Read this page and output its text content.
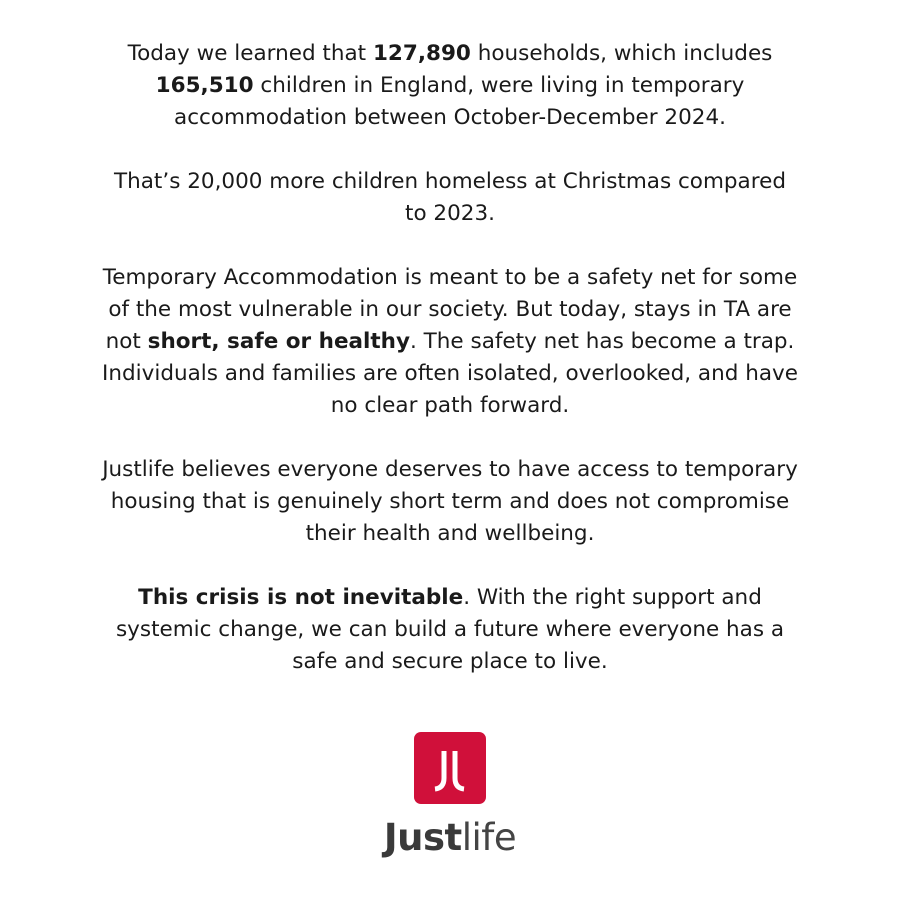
Today we learned that 127,890 households, which includes 165,510 children in England, were living in temporary accommodation between October-December 2024.

That’s 20,000 more children homeless at Christmas compared to 2023.

Temporary Accommodation is meant to be a safety net for some of the most vulnerable in our society. But today, stays in TA are not short, safe or healthy. The safety net has become a trap. Individuals and families are often isolated, overlooked, and have no clear path forward.

Justlife believes everyone deserves to have access to temporary housing that is genuinely short term and does not compromise their health and wellbeing.

This crisis is not inevitable. With the right support and systemic change, we can build a future where everyone has a safe and secure place to live.

Justlife
